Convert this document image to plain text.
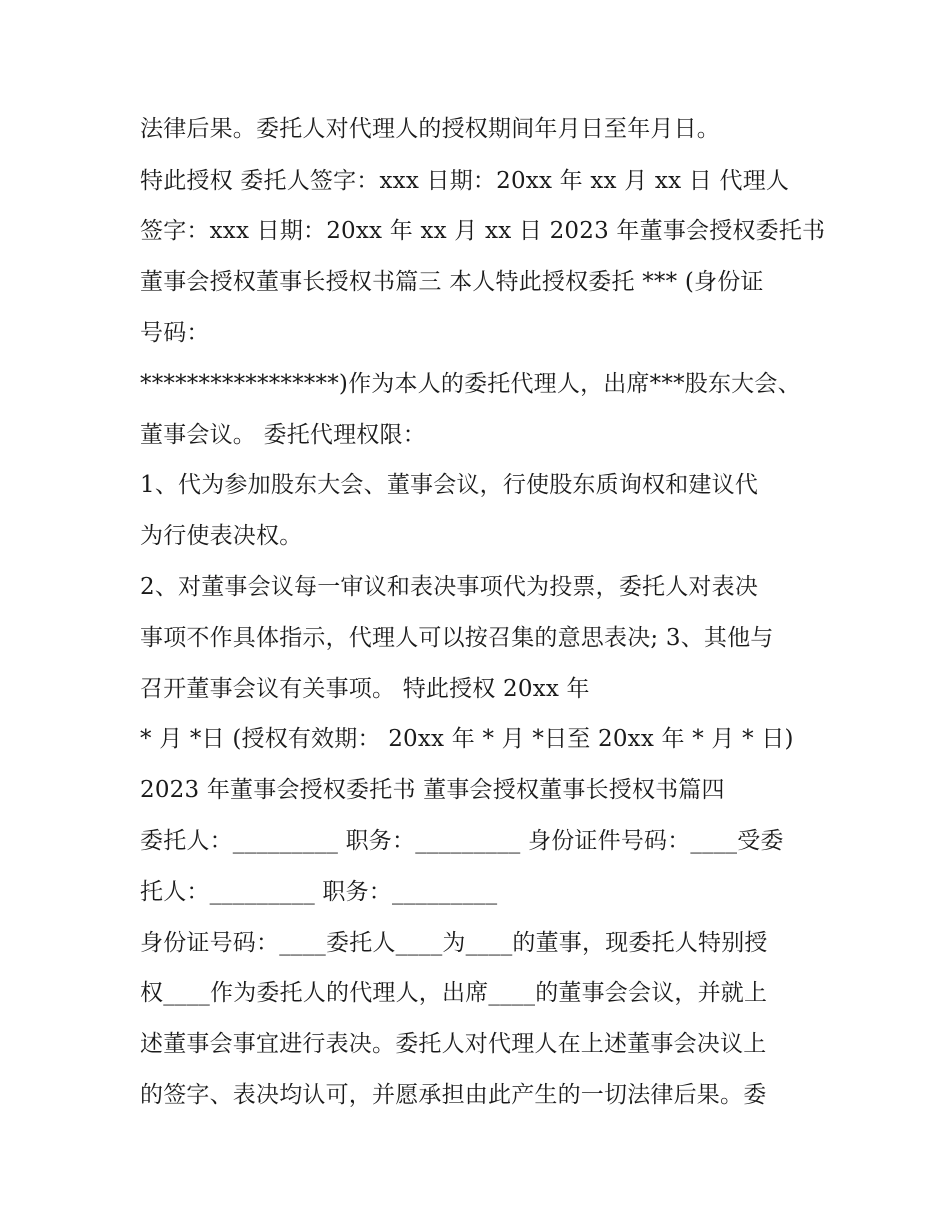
法律后果。委托人对代理人的授权期间年月日至年月日。
特此授权 委托人签字：xxx 日期：20xx 年 xx 月 xx 日 代理人
签字：xxx 日期：20xx 年 xx 月 xx 日 2023 年董事会授权委托书
董事会授权董事长授权书篇三 本人特此授权委托 *** (身份证
号码：
*****************)作为本人的委托代理人，出席***股东大会、
董事会议。 委托代理权限：
1、代为参加股东大会、董事会议，行使股东质询权和建议代
为行使表决权。
2、对董事会议每一审议和表决事项代为投票，委托人对表决
事项不作具体指示，代理人可以按召集的意思表决; 3、其他与
召开董事会议有关事项。 特此授权 20xx 年
* 月 *日 (授权有效期： 20xx 年 * 月 *日至 20xx 年 * 月 * 日)
2023 年董事会授权委托书 董事会授权董事长授权书篇四
委托人：_________ 职务：_________ 身份证件号码：____受委
托人：_________ 职务：_________
身份证号码：____委托人____为____的董事，现委托人特别授
权____作为委托人的代理人，出席____的董事会会议，并就上
述董事会事宜进行表决。委托人对代理人在上述董事会决议上
的签字、表决均认可，并愿承担由此产生的一切法律后果。委
